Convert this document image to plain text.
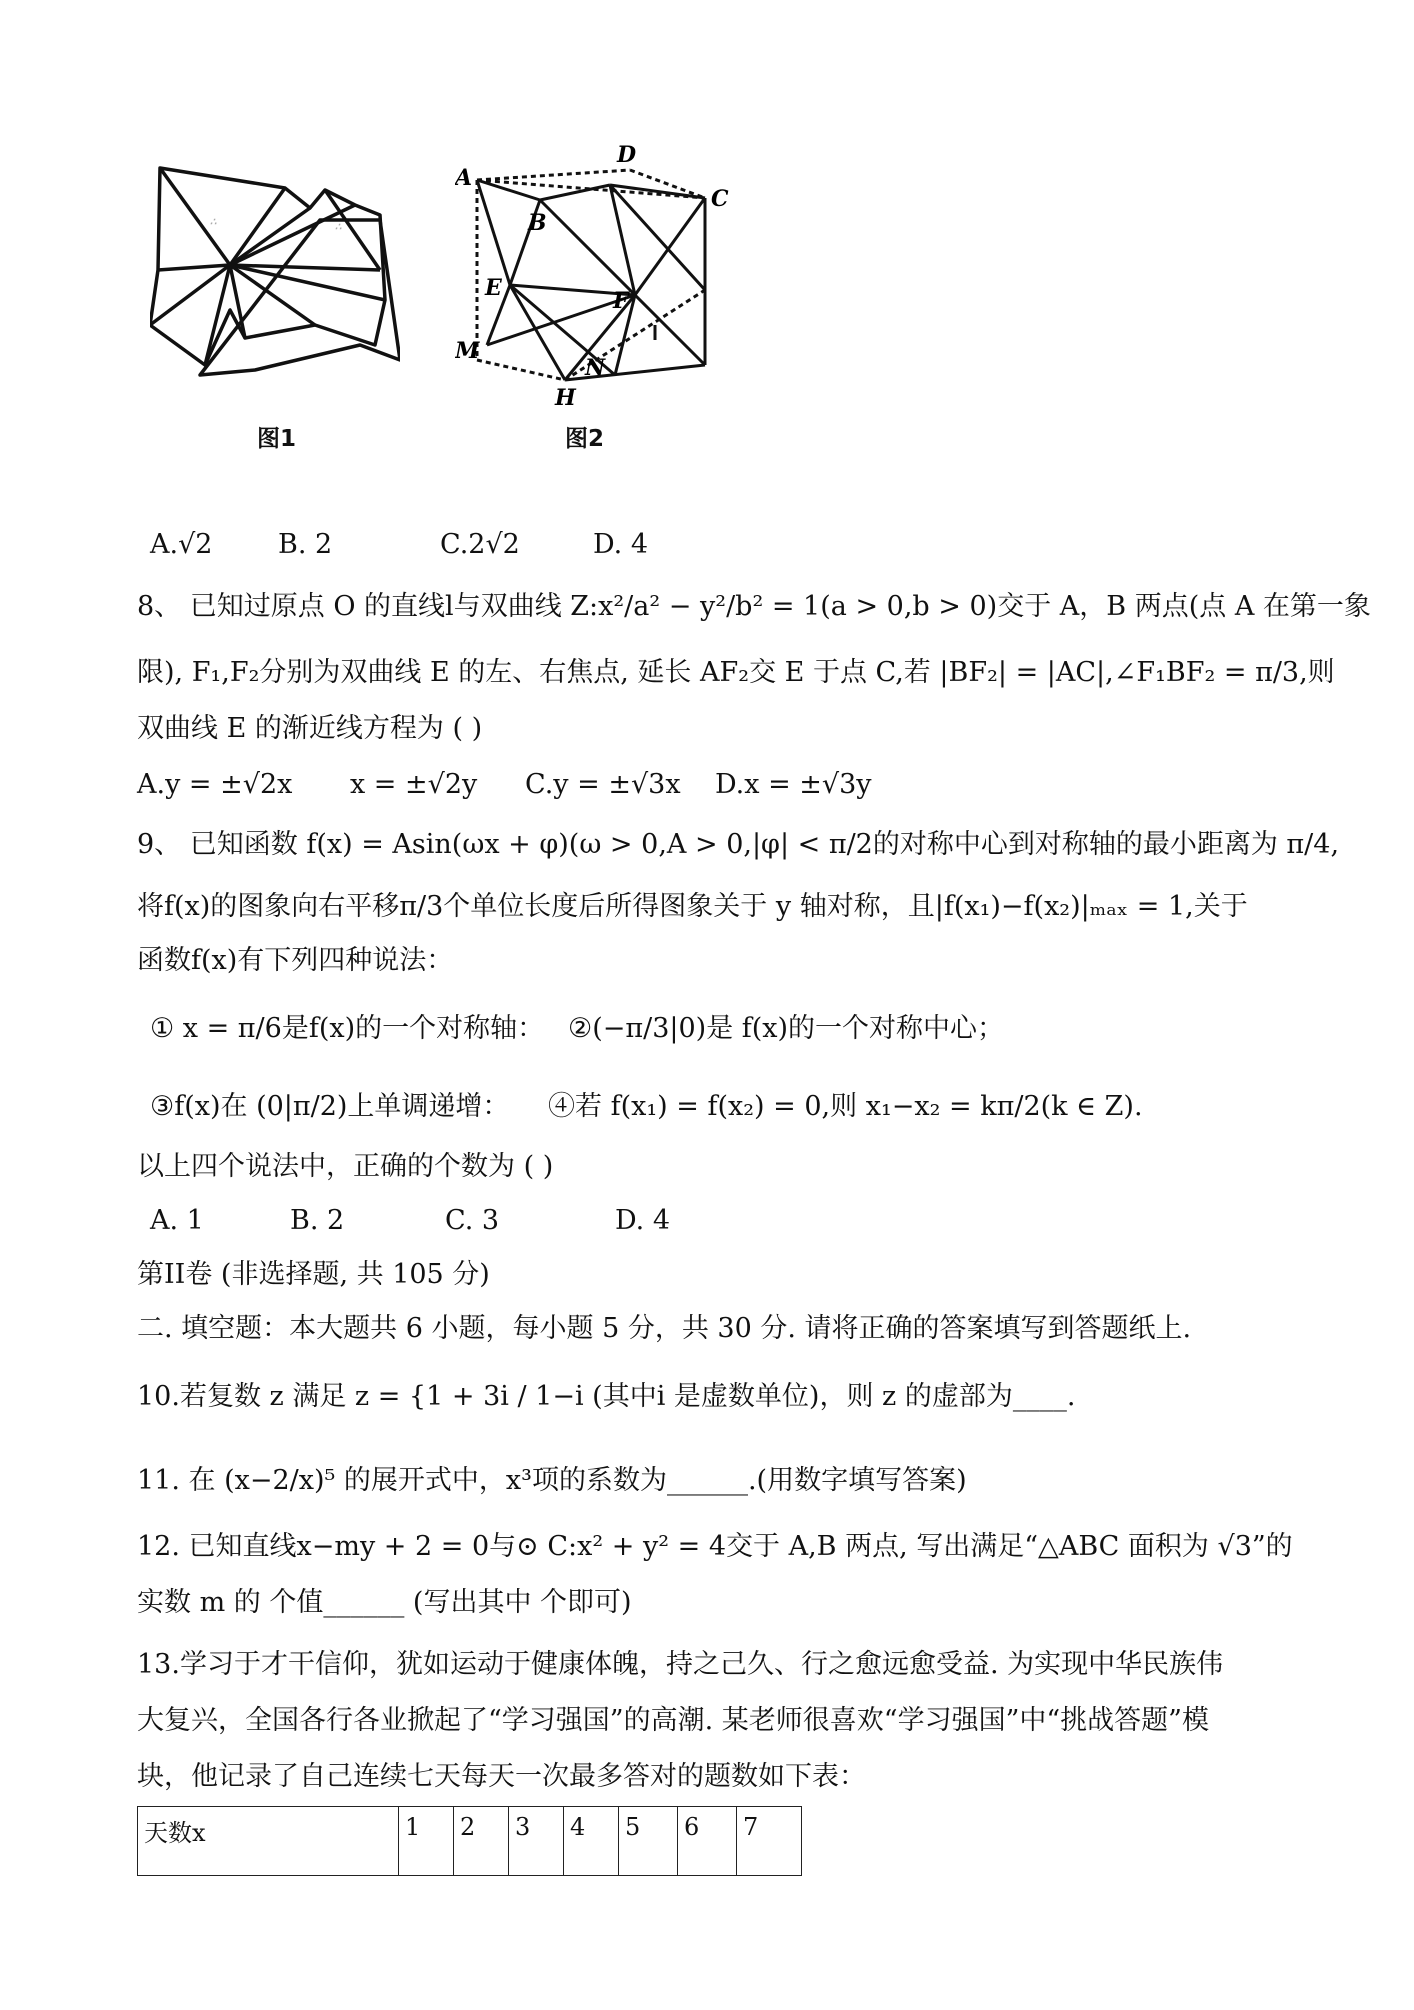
∴	∴
图1
A
D
C
B
E	F
M
N
H
图2
A.√2 B. 2	C.2√2	D. 4
8、 已知过原点 O 的直线l与双曲线 Z:x²/a² − y²/b² = 1(a > 0,b > 0)交于 A，B 两点(点 A 在第一象
限), F₁,F₂分别为双曲线 E 的左、右焦点, 延长 AF₂交 E 于点 C,若 |BF₂| = |AC|,∠F₁BF₂ = π/3,则
双曲线 E 的渐近线方程为 ( )
A.y = ±√2x x = ±√2y C.y = ±√3x D.x = ±√3y
9、 已知函数 f(x) = Asin(ωx + φ)(ω > 0,A > 0,|φ| < π/2的对称中心到对称轴的最小距离为 π/4,
将f(x)的图象向右平移π/3个单位长度后所得图象关于 y 轴对称，且|f(x₁)−f(x₂)|ₘₐₓ = 1,关于
函数f(x)有下列四种说法：
① x = π/6是f(x)的一个对称轴： ②(−π/3|0)是 f(x)的一个对称中心；
③f(x)在 (0|π/2)上单调递增： ④若 f(x₁) = f(x₂) = 0,则 x₁−x₂ = kπ/2(k ∈ Z).
以上四个说法中，正确的个数为 ( )
A. 1	B. 2	C. 3	D. 4
第II卷 (非选择题, 共 105 分)
二. 填空题：本大题共 6 小题，每小题 5 分，共 30 分. 请将正确的答案填写到答题纸上.
10.若复数 z 满足 z = {1 + 3i / 1−i (其中i 是虚数单位)，则 z 的虚部为____.
11. 在 (x−2/x)⁵ 的展开式中，x³项的系数为______.(用数字填写答案)
12. 已知直线x−my + 2 = 0与⊙ C:x² + y² = 4交于 A,B 两点, 写出满足“△ABC 面积为 √3”的
实数 m 的 个值______ (写出其中 个即可)
13.学习于才干信仰，犹如运动于健康体魄，持之己久、行之愈远愈受益. 为实现中华民族伟
大复兴，全国各行各业掀起了“学习强国”的高潮. 某老师很喜欢“学习强国”中“挑战答题”模
块，他记录了自己连续七天每天一次最多答对的题数如下表：
天数x	1	2	3	4	5	6	7
